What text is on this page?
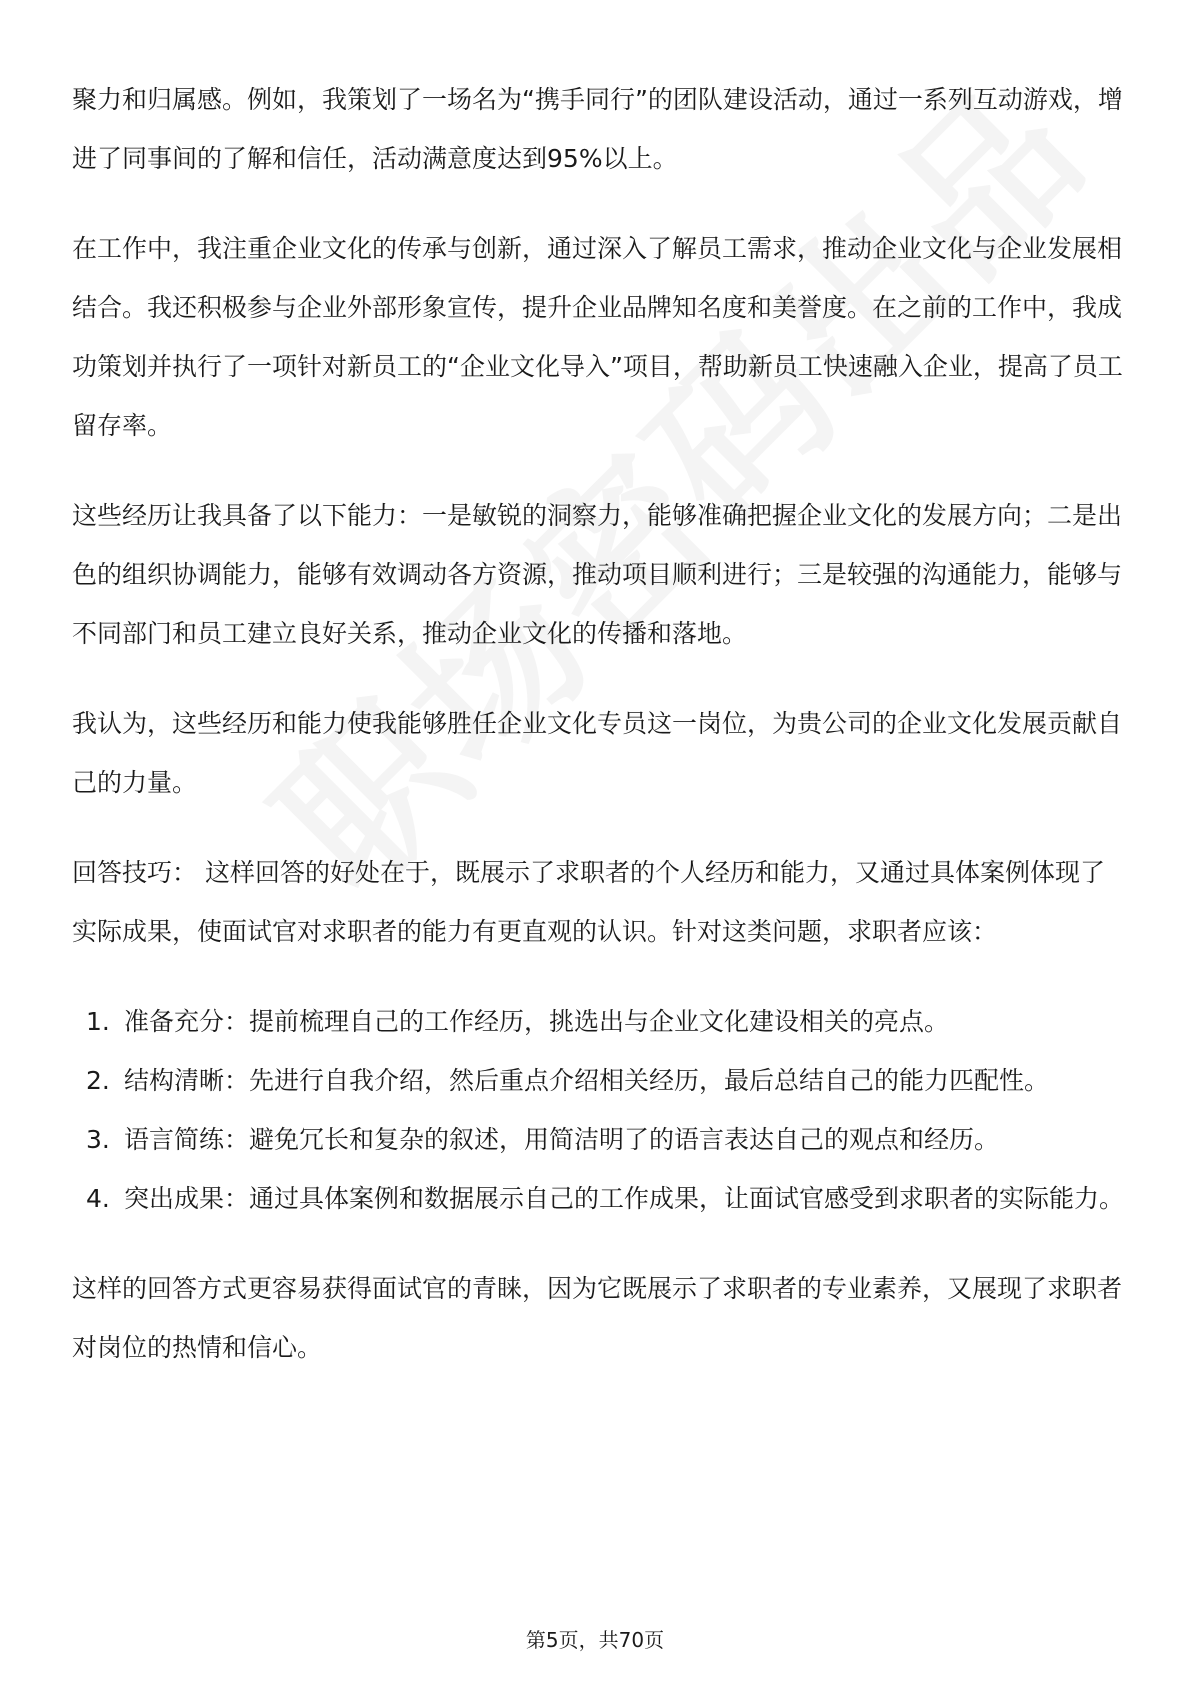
聚力和归属感。例如，我策划了一场名为“携手同行”的团队建设活动，通过一系列互动游戏，增进了同事间的了解和信任，活动满意度达到95%以上。

在工作中，我注重企业文化的传承与创新，通过深入了解员工需求，推动企业文化与企业发展相结合。我还积极参与企业外部形象宣传，提升企业品牌知名度和美誉度。在之前的工作中，我成功策划并执行了一项针对新员工的“企业文化导入”项目，帮助新员工快速融入企业，提高了员工留存率。

这些经历让我具备了以下能力：一是敏锐的洞察力，能够准确把握企业文化的发展方向；二是出色的组织协调能力，能够有效调动各方资源，推动项目顺利进行；三是较强的沟通能力，能够与不同部门和员工建立良好关系，推动企业文化的传播和落地。

我认为，这些经历和能力使我能够胜任企业文化专员这一岗位，为贵公司的企业文化发展贡献自己的力量。

回答技巧： 这样回答的好处在于，既展示了求职者的个人经历和能力，又通过具体案例体现了实际成果，使面试官对求职者的能力有更直观的认识。针对这类问题，求职者应该：

1. 准备充分：提前梳理自己的工作经历，挑选出与企业文化建设相关的亮点。
2. 结构清晰：先进行自我介绍，然后重点介绍相关经历，最后总结自己的能力匹配性。
3. 语言简练：避免冗长和复杂的叙述，用简洁明了的语言表达自己的观点和经历。
4. 突出成果：通过具体案例和数据展示自己的工作成果，让面试官感受到求职者的实际能力。

这样的回答方式更容易获得面试官的青睐，因为它既展示了求职者的专业素养，又展现了求职者对岗位的热情和信心。

第5页，共70页
